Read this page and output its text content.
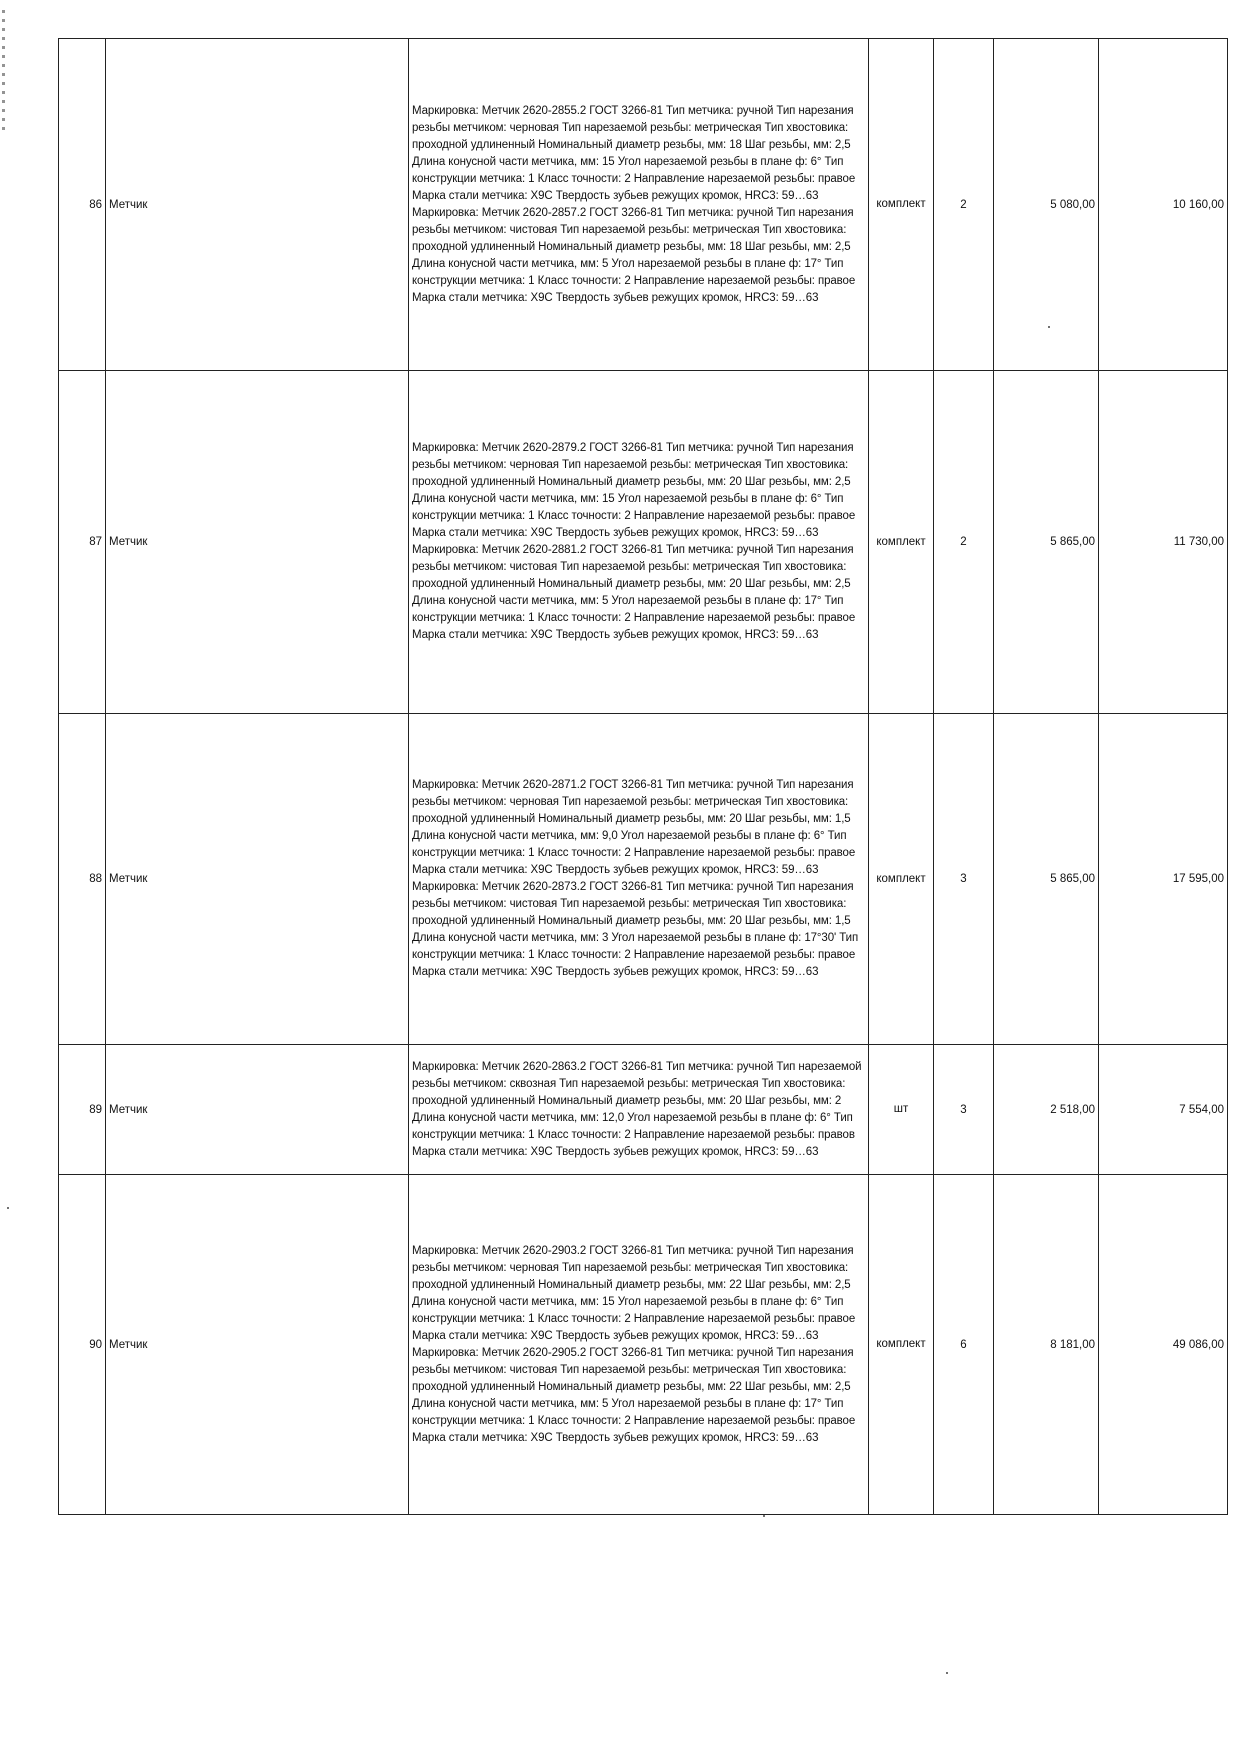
86	Метчик	Маркировка: Метчик 2620-2855.2 ГОСТ 3266-81 Тип метчика: ручной Тип нарезания резьбы метчиком: черновая Тип нарезаемой резьбы: метрическая Тип хвостовика: проходной удлиненный Номинальный диаметр резьбы, мм: 18 Шаг резьбы, мм: 2,5 Длина конусной части метчика, мм: 15 Угол нарезаемой резьбы в плане ф: 6° Тип конструкции метчика: 1 Класс точности: 2 Направление нарезаемой резьбы: правое Марка стали метчика: Х9С Твердость зубьев режущих кромок, HRC3: 59…63 Маркировка: Метчик 2620-2857.2 ГОСТ 3266-81 Тип метчика: ручной Тип нарезания резьбы метчиком: чистовая Тип нарезаемой резьбы: метрическая Тип хвостовика: проходной удлиненный Номинальный диаметр резьбы, мм: 18 Шаг резьбы, мм: 2,5 Длина конусной части метчика, мм: 5 Угол нарезаемой резьбы в плане ф: 17° Тип конструкции метчика: 1 Класс точности: 2 Направление нарезаемой резьбы: правое Марка стали метчика: Х9С Твердость зубьев режущих кромок, HRC3: 59…63	комплект	2	5 080,00	10 160,00
87	Метчик	Маркировка: Метчик 2620-2879.2 ГОСТ 3266-81 Тип метчика: ручной Тип нарезания резьбы метчиком: черновая Тип нарезаемой резьбы: метрическая Тип хвостовика: проходной удлиненный Номинальный диаметр резьбы, мм: 20 Шаг резьбы, мм: 2,5 Длина конусной части метчика, мм: 15 Угол нарезаемой резьбы в плане ф: 6° Тип конструкции метчика: 1 Класс точности: 2 Направление нарезаемой резьбы: правое Марка стали метчика: Х9С Твердость зубьев режущих кромок, HRC3: 59…63 Маркировка: Метчик 2620-2881.2 ГОСТ 3266-81 Тип метчика: ручной Тип нарезания резьбы метчиком: чистовая Тип нарезаемой резьбы: метрическая Тип хвостовика: проходной удлиненный Номинальный диаметр резьбы, мм: 20 Шаг резьбы, мм: 2,5 Длина конусной части метчика, мм: 5 Угол нарезаемой резьбы в плане ф: 17° Тип конструкции метчика: 1 Класс точности: 2 Направление нарезаемой резьбы: правое Марка стали метчика: Х9С Твердость зубьев режущих кромок, HRC3: 59…63	комплект	2	5 865,00	11 730,00
88	Метчик	Маркировка: Метчик 2620-2871.2 ГОСТ 3266-81 Тип метчика: ручной Тип нарезания резьбы метчиком: черновая Тип нарезаемой резьбы: метрическая Тип хвостовика: проходной удлиненный Номинальный диаметр резьбы, мм: 20 Шаг резьбы, мм: 1,5 Длина конусной части метчика, мм: 9,0 Угол нарезаемой резьбы в плане ф: 6° Тип конструкции метчика: 1 Класс точности: 2 Направление нарезаемой резьбы: правое Марка стали метчика: Х9С Твердость зубьев режущих кромок, HRC3: 59…63 Маркировка: Метчик 2620-2873.2 ГОСТ 3266-81 Тип метчика: ручной Тип нарезания резьбы метчиком: чистовая Тип нарезаемой резьбы: метрическая Тип хвостовика: проходной удлиненный Номинальный диаметр резьбы, мм: 20 Шаг резьбы, мм: 1,5 Длина конусной части метчика, мм: 3 Угол нарезаемой резьбы в плане ф: 17°30' Тип конструкции метчика: 1 Класс точности: 2 Направление нарезаемой резьбы: правое Марка стали метчика: Х9С Твердость зубьев режущих кромок, HRC3: 59…63	комплект	3	5 865,00	17 595,00
89	Метчик	Маркировка: Метчик 2620-2863.2 ГОСТ 3266-81 Тип метчика: ручной Тип нарезаемой резьбы метчиком: сквозная Тип нарезаемой резьбы: метрическая Тип хвостовика: проходной удлиненный Номинальный диаметр резьбы, мм: 20 Шаг резьбы, мм: 2 Длина конусной части метчика, мм: 12,0 Угол нарезаемой резьбы в плане ф: 6° Тип конструкции метчика: 1 Класс точности: 2 Направление нарезаемой резьбы: правов Марка стали метчика: Х9С Твердость зубьев режущих кромок, HRC3: 59…63	шт	3	2 518,00	7 554,00
90	Метчик	Маркировка: Метчик 2620-2903.2 ГОСТ 3266-81 Тип метчика: ручной Тип нарезания резьбы метчиком: черновая Тип нарезаемой резьбы: метрическая Тип хвостовика: проходной удлиненный Номинальный диаметр резьбы, мм: 22 Шаг резьбы, мм: 2,5 Длина конусной части метчика, мм: 15 Угол нарезаемой резьбы в плане ф: 6° Тип конструкции метчика: 1 Класс точности: 2 Направление нарезаемой резьбы: правое Марка стали метчика: Х9С Твердость зубьев режущих кромок, HRC3: 59…63 Маркировка: Метчик 2620-2905.2 ГОСТ 3266-81 Тип метчика: ручной Тип нарезания резьбы метчиком: чистовая Тип нарезаемой резьбы: метрическая Тип хвостовика: проходной удлиненный Номинальный диаметр резьбы, мм: 22 Шаг резьбы, мм: 2,5 Длина конусной части метчика, мм: 5 Угол нарезаемой резьбы в плане ф: 17° Тип конструкции метчика: 1 Класс точности: 2 Направление нарезаемой резьбы: правое Марка стали метчика: Х9С Твердость зубьев режущих кромок, HRC3: 59…63	комплект	6	8 181,00	49 086,00
